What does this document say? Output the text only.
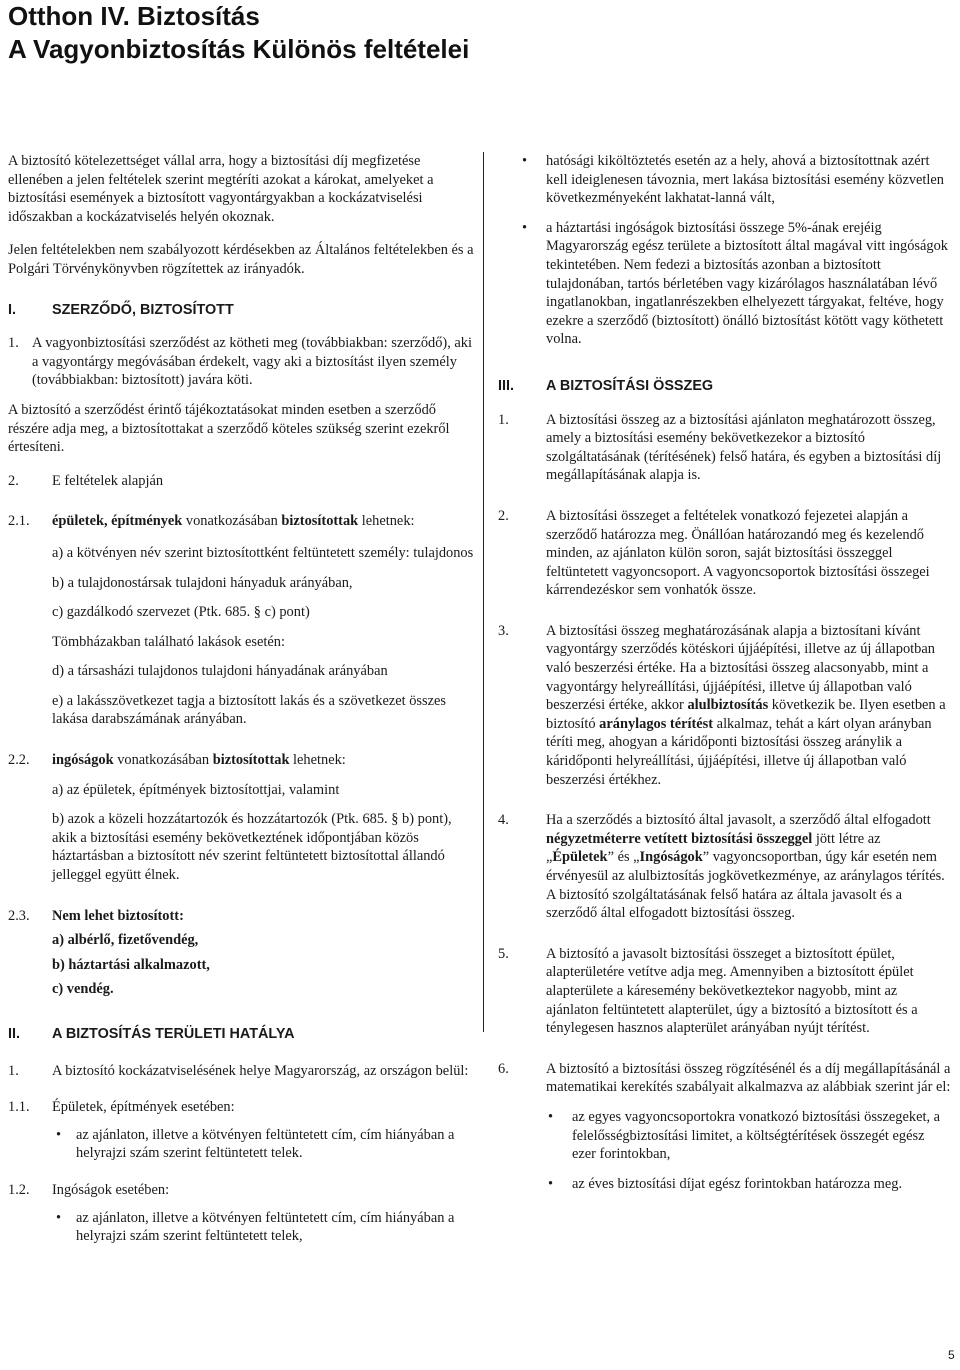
Otthon IV. Biztosítás
A Vagyonbiztosítás Különös feltételei

A biztosító kötelezettséget vállal arra, hogy a biztosítási díj megfizetése ellenében a jelen feltételek szerint megtéríti azokat a károkat, amelyeket a biztosítási események a biztosított vagyontárgyakban a kockázatviselési időszakban a kockázatviselés helyén okoznak.

Jelen feltételekben nem szabályozott kérdésekben az Általános feltételekben és a Polgári Törvénykönyvben rögzítettek az irányadók.

I.	SZERZŐDŐ, BIZTOSÍTOTT
1. A vagyonbiztosítási szerződést az kötheti meg (továbbiakban: szerződő), aki a vagyontárgy megóvásában érdekelt, vagy aki a biztosítást ilyen személy (továbbiakban: biztosított) javára köti.

A biztosító a szerződést érintő tájékoztatásokat minden esetben a szerződő részére adja meg, a biztosítottakat a szerződő köteles szükség szerint ezekről értesíteni.

2.	E feltételek alapján
2.1.	épületek, építmények vonatkozásában biztosítottak lehetnek:

a) a kötvényen név szerint biztosítottként feltüntetett személy: tulajdonos

b) a tulajdonostársak tulajdoni hányaduk arányában,

c) gazdálkodó szervezet (Ptk. 685. § c) pont)

Tömbházakban található lakások esetén:

d) a társasházi tulajdonos tulajdoni hányadának arányában

e) a lakásszövetkezet tagja a biztosított lakás és a szövetkezet összes lakása darabszámának arányában.

2.2.	ingóságok vonatkozásában biztosítottak lehetnek:

a) az épületek, építmények biztosítottjai, valamint

b) azok a közeli hozzátartozók és hozzátartozók (Ptk. 685. § b) pont), akik a biztosítási esemény bekövetkeztének időpontjában közös háztartásban a biztosított név szerint feltüntetett biztosítottal állandó jelleggel együtt élnek.

2.3.	Nem lehet biztosított:

a) albérlő, fizetővendég,

b) háztartási alkalmazott,

c) vendég.

II.	A BIZTOSÍTÁS TERÜLETI HATÁLYA
1.	A biztosító kockázatviselésének helye Magyarország, az országon belül:
1.1.	Épületek, építmények esetében:
•	az ajánlaton, illetve a kötvényen feltüntetett cím, cím hiányában a helyrajzi szám szerint feltüntetett telek.
1.2.	Ingóságok esetében:
•	az ajánlaton, illetve a kötvényen feltüntetett cím, cím hiányában a helyrajzi szám szerint feltüntetett telek,
•	hatósági kiköltöztetés esetén az a hely, ahová a biztosítottnak azért kell ideiglenesen távoznia, mert lakása biztosítási esemény közvetlen következményeként lakhatat-lanná vált,
•	a háztartási ingóságok biztosítási összege 5%-ának erejéig Magyarország egész területe a biztosított által magával vitt ingóságok tekintetében. Nem fedezi a biztosítás azonban a biztosított tulajdonában, tartós bérletében vagy kizárólagos használatában lévő ingatlanokban, ingatlanrészekben elhelyezett tárgyakat, feltéve, hogy ezekre a szerződő (biztosított) önálló biztosítást kötött vagy köthetett volna.
III.	A BIZTOSÍTÁSI ÖSSZEG
1.	A biztosítási összeg az a biztosítási ajánlaton meghatározott összeg, amely a biztosítási esemény bekövetkezekor a biztosító szolgáltatásának (térítésének) felső határa, és egyben a biztosítási díj megállapításának alapja is.
2.	A biztosítási összeget a feltételek vonatkozó fejezetei alapján a szerződő határozza meg. Önállóan határozandó meg és kezelendő minden, az ajánlaton külön soron, saját biztosítási összeggel feltüntetett vagyoncsoport. A vagyoncsoportok biztosítási összegei kárrendezéskor sem vonhatók össze.
3.	A biztosítási összeg meghatározásának alapja a biztosítani kívánt vagyontárgy szerződés kötéskori újjáépítési, illetve az új állapotban való beszerzési értéke. Ha a biztosítási összeg alacsonyabb, mint a vagyontárgy helyreállítási, újjáépítési, illetve új állapotban való beszerzési értéke, akkor alulbiztosítás következik be. Ilyen esetben a biztosító aránylagos térítést alkalmaz, tehát a kárt olyan arányban téríti meg, ahogyan a káridőponti biztosítási összeg aránylik a káridőponti helyreállítási, újjáépítési, illetve új állapotban való beszerzési értékhez.
4.	Ha a szerződés a biztosító által javasolt, a szerződő által elfogadott négyzetméterre vetített biztosítási összeggel jött létre az „Épületek” és „Ingóságok” vagyoncsoportban, úgy kár esetén nem érvényesül az alulbiztosítás jogkövetkezménye, az aránylagos térítés. A biztosító szolgáltatásának felső határa az általa javasolt és a szerződő által elfogadott biztosítási összeg.
5.	A biztosító a javasolt biztosítási összeget a biztosított épület, alapterületére vetítve adja meg. Amennyiben a biztosított épület alapterülete a káresemény bekövetkeztekor nagyobb, mint az ajánlaton feltüntetett alapterület, úgy a biztosító a biztosított és a ténylegesen hasznos alapterület arányában nyújt térítést.
6.	A biztosító a biztosítási összeg rögzítésénél és a díj megállapításánál a matematikai kerekítés szabályait alkalmazva az alábbiak szerint jár el:
•	az egyes vagyoncsoportokra vonatkozó biztosítási összegeket, a felelősségbiztosítási limitet, a költségtérítések összegét egész ezer forintokban,
•	az éves biztosítási díjat egész forintokban határozza meg.
5
